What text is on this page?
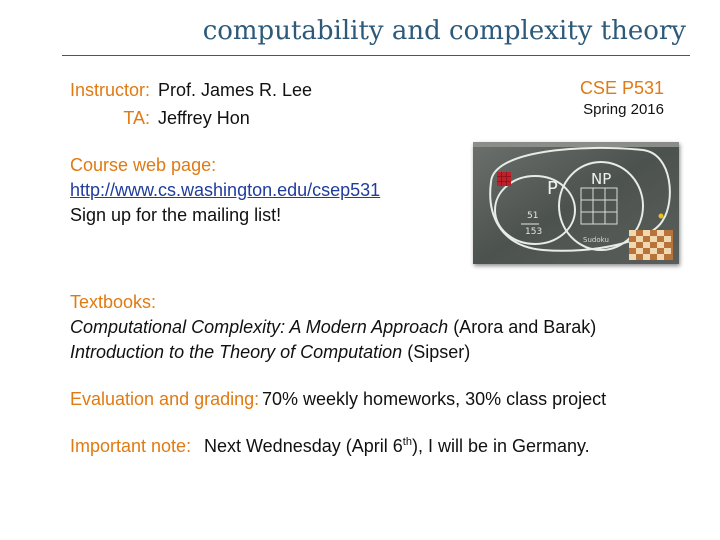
computability and complexity theory
Instructor: Prof. James R. Lee
TA: Jeffrey Hon
CSE P531
Spring 2016
Course web page:
http://www.cs.washington.edu/csep531
Sign up for the mailing list!
P NP
51
153
Sudoku
Textbooks:
Computational Complexity: A Modern Approach (Arora and Barak)
Introduction to the Theory of Computation (Sipser)
Evaluation and grading: 70% weekly homeworks, 30% class project
Important note: Next Wednesday (April 6th), I will be in Germany.
